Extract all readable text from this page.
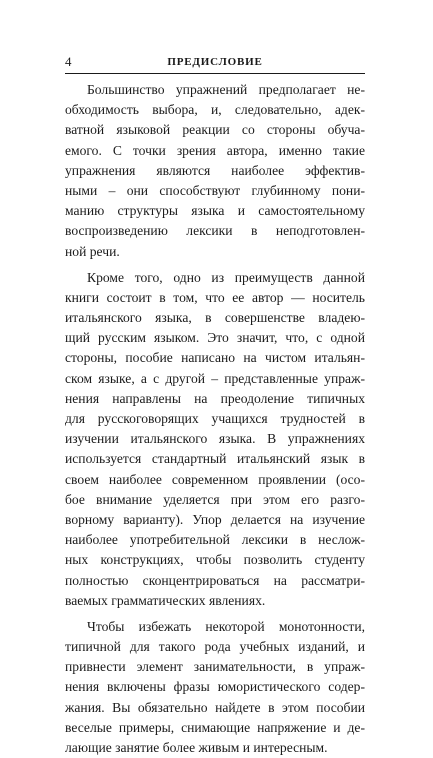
4	ПРЕДИСЛОВИЕ
Большинство упражнений предполагает не-
обходимость выбора, и, следовательно, адек-
ватной языковой реакции со стороны обуча-
емого. С точки зрения автора, именно такие
упражнения являются наиболее эффектив-
ными – они способствуют глубинному пони-
манию структуры языка и самостоятельному
воспроизведению лексики в неподготовлен-
ной речи.
Кроме того, одно из преимуществ данной
книги состоит в том, что ее автор — носитель
итальянского языка, в совершенстве владею-
щий русским языком. Это значит, что, с одной
стороны, пособие написано на чистом итальян-
ском языке, а с другой – представленные упраж-
нения направлены на преодоление типичных
для русскоговорящих учащихся трудностей в
изучении итальянского языка. В упражнениях
используется стандартный итальянский язык в
своем наиболее современном проявлении (осо-
бое внимание уделяется при этом его разго-
ворному варианту). Упор делается на изучение
наиболее употребительной лексики в неслож-
ных конструкциях, чтобы позволить студенту
полностью сконцентрироваться на рассматри-
ваемых грамматических явлениях.
Чтобы избежать некоторой монотонности,
типичной для такого рода учебных изданий, и
привнести элемент занимательности, в упраж-
нения включены фразы юмористического содер-
жания. Вы обязательно найдете в этом пособии
веселые примеры, снимающие напряжение и де-
лающие занятие более живым и интересным.
